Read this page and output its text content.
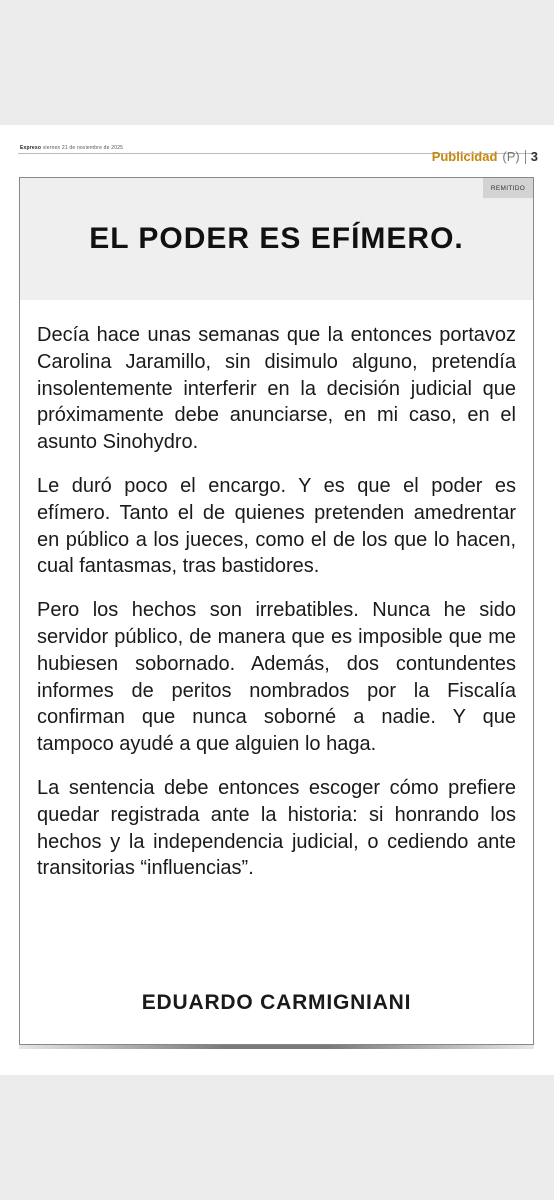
Expreso viernes 21 de noviembre de 2025
Publicidad (P) 3
REMITIDO
EL PODER ES EFÍMERO.

Decía hace unas semanas que la entonces portavoz Carolina Jaramillo, sin disimulo alguno, pretendía insolentemente interferir en la decisión judicial que próximamente debe anunciarse, en mi caso, en el asunto Sinohydro.

Le duró poco el encargo. Y es que el poder es efímero. Tanto el de quienes pretenden amedrentar en público a los jueces, como el de los que lo hacen, cual fantasmas, tras bastidores.

Pero los hechos son irrebatibles. Nunca he sido servidor público, de manera que es imposible que me hubiesen sobornado. Además, dos contundentes informes de peritos nombrados por la Fiscalía confirman que nunca soborné a nadie. Y que tampoco ayudé a que alguien lo haga.

La sentencia debe entonces escoger cómo prefiere quedar registrada ante la historia: si honrando los hechos y la independencia judicial, o cediendo ante transitorias “influencias”.

EDUARDO CARMIGNIANI
